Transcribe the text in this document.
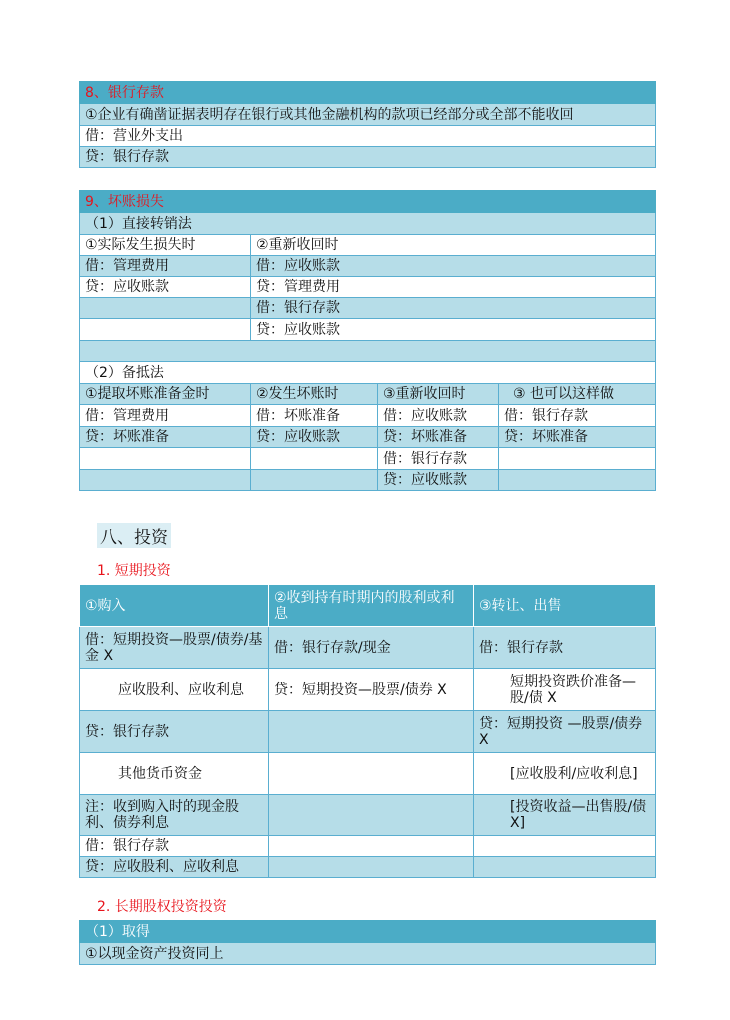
8、银行存款
①企业有确凿证据表明存在银行或其他金融机构的款项已经部分或全部不能收回
借：营业外支出
贷：银行存款
9、坏账损失			
（1）直接转销法			
①实际发生损失时	②重新收回时		
借：管理费用	借：应收账款		
贷：应收账款	贷：管理费用		
	借：银行存款		
	贷：应收账款		

（2）备抵法			
①提取坏账准备金时	②发生坏账时	③重新收回时	③ 也可以这样做
借：管理费用	借：坏账准备	借：应收账款	借：银行存款
贷：坏账准备	贷：应收账款	贷：坏账准备	贷：坏账准备
		借：银行存款	
		贷：应收账款	
八、投资
1. 短期投资
①购入	②收到持有时期内的股利或利息	③转让、出售
借：短期投资—股票/债券/基金 X	借：银行存款/现金	借：银行存款
应收股利、应收利息	贷：短期投资—股票/债券 X	短期投资跌价准备—股/债 X
贷：银行存款		贷：短期投资 —股票/债券 X
其他货币资金		[应收股利/应收利息]
注：收到购入时的现金股利、债券利息		[投资收益—出售股/债 X]
借：银行存款		
贷：应收股利、应收利息		
2. 长期股权投资投资
（1）取得
①以现金资产投资同上
